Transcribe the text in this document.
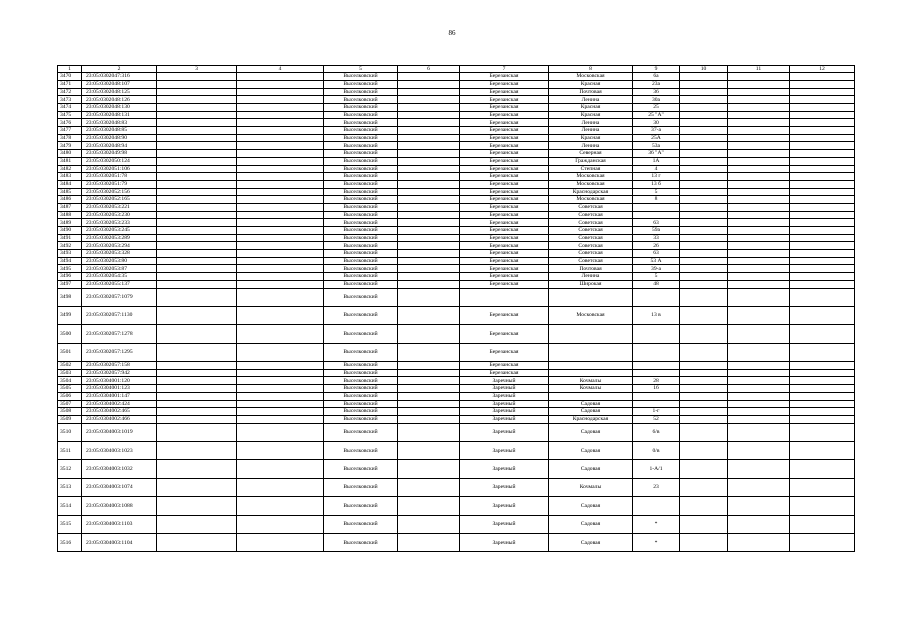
86
1	2	3	4	5	6	7	8	9	10	11	12
3470	23:05:0302047:316			Выселковский		Березанская	Московская	6а			
3471	23:05:0302048:107			Выселковский		Березанская	Красная	23а			
3472	23:05:0302048:125			Выселковский		Березанская	Почтовая	36			
3473	23:05:0302048:126			Выселковский		Березанская	Ленина	30а			
3474	23:05:0302048:130			Выселковский		Березанская	Красная	25			
3475	23:05:0302048:131			Выселковский		Березанская	Красная	25 "А"			
3476	23:05:0302048:83			Выселковский		Березанская	Ленина	30			
3477	23:05:0302048:85			Выселковский		Березанская	Ленина	37-а			
3478	23:05:0302048:90			Выселковский		Березанская	Красная	25А			
3479	23:05:0302048:94			Выселковский		Березанская	Ленина	53а			
3480	23:05:0302049:98			Выселковский		Березанская	Северная	36 "А"			
3481	23:05:0302050:124			Выселковский		Березанская	Гражданская	1А			
3482	23:05:0302051:106			Выселковский		Березанская	Степная	4			
3483	23:05:0302051:78			Выселковский		Березанская	Московская	13 г			
3484	23:05:0302051:79			Выселковский		Березанская	Московская	13 б			
3485	23:05:0302052:156			Выселковский		Березанская	Краснодарская	5			
3486	23:05:0302052:165			Выселковский		Березанская	Московская	8			
3487	23:05:0302053:221			Выселковский		Березанская	Советская				
3488	23:05:0302053:230			Выселковский		Березанская	Советская				
3489	23:05:0302053:233			Выселковский		Березанская	Советская	63			
3490	23:05:0302053:245			Выселковский		Березанская	Советская	59а			
3491	23:05:0302053:289			Выселковский		Березанская	Советская	33			
3492	23:05:0302053:294			Выселковский		Березанская	Советская	26			
3493	23:05:0302053:328			Выселковский		Березанская	Советская	63			
3494	23:05:0302053:80			Выселковский		Березанская	Советская	53 А			
3495	23:05:0302053:87			Выселковский		Березанская	Почтовая	39-а			
3496	23:05:0302054:35			Выселковский		Березанская	Ленина	5			
3497	23:05:0302055:137			Выселковский		Березанская	Широкая	48			
3498	23:05:0302057:1079			Выселковский							
3499	23:05:0302057:1130			Выселковский		Березанская	Московская	13 в			
3500	23:05:0302057:1278			Выселковский		Березанская					
3501	23:05:0302057:1295			Выселковский		Березанская					
3502	23:05:0302057:158			Выселковский		Березанская					
3503	23:05:0302057:942			Выселковский		Березанская					
3504	23:05:0304001:120			Выселковский		Заречный	Кочмалы	28			
3505	23:05:0304001:123			Выселковский		Заречный	Кочмалы	16			
3506	23:05:0304001:147			Выселковский		Заречный					
3507	23:05:0304002:424			Выселковский		Заречный	Садовая				
3508	23:05:0304002:465			Выселковский		Заречный	Садовая	1-г			
3509	23:05:0304002:466			Выселковский		Заречный	Краснодарская	52			
3510	23:05:0304003:1019			Выселковский		Заречный	Садовая	6/в			
3511	23:05:0304003:1023			Выселковский		Заречный	Садовая	0/в			
3512	23:05:0304003:1032			Выселковский		Заречный	Садовая	1-А/1			
3513	23:05:0304003:1074			Выселковский		Заречный	Кочмалы	23			
3514	23:05:0304003:1088			Выселковский		Заречный	Садовая				
3515	23:05:0304003:1103			Выселковский		Заречный	Садовая	*			
3516	23:05:0304003:1104			Выселковский		Заречный	Садовая	*			
